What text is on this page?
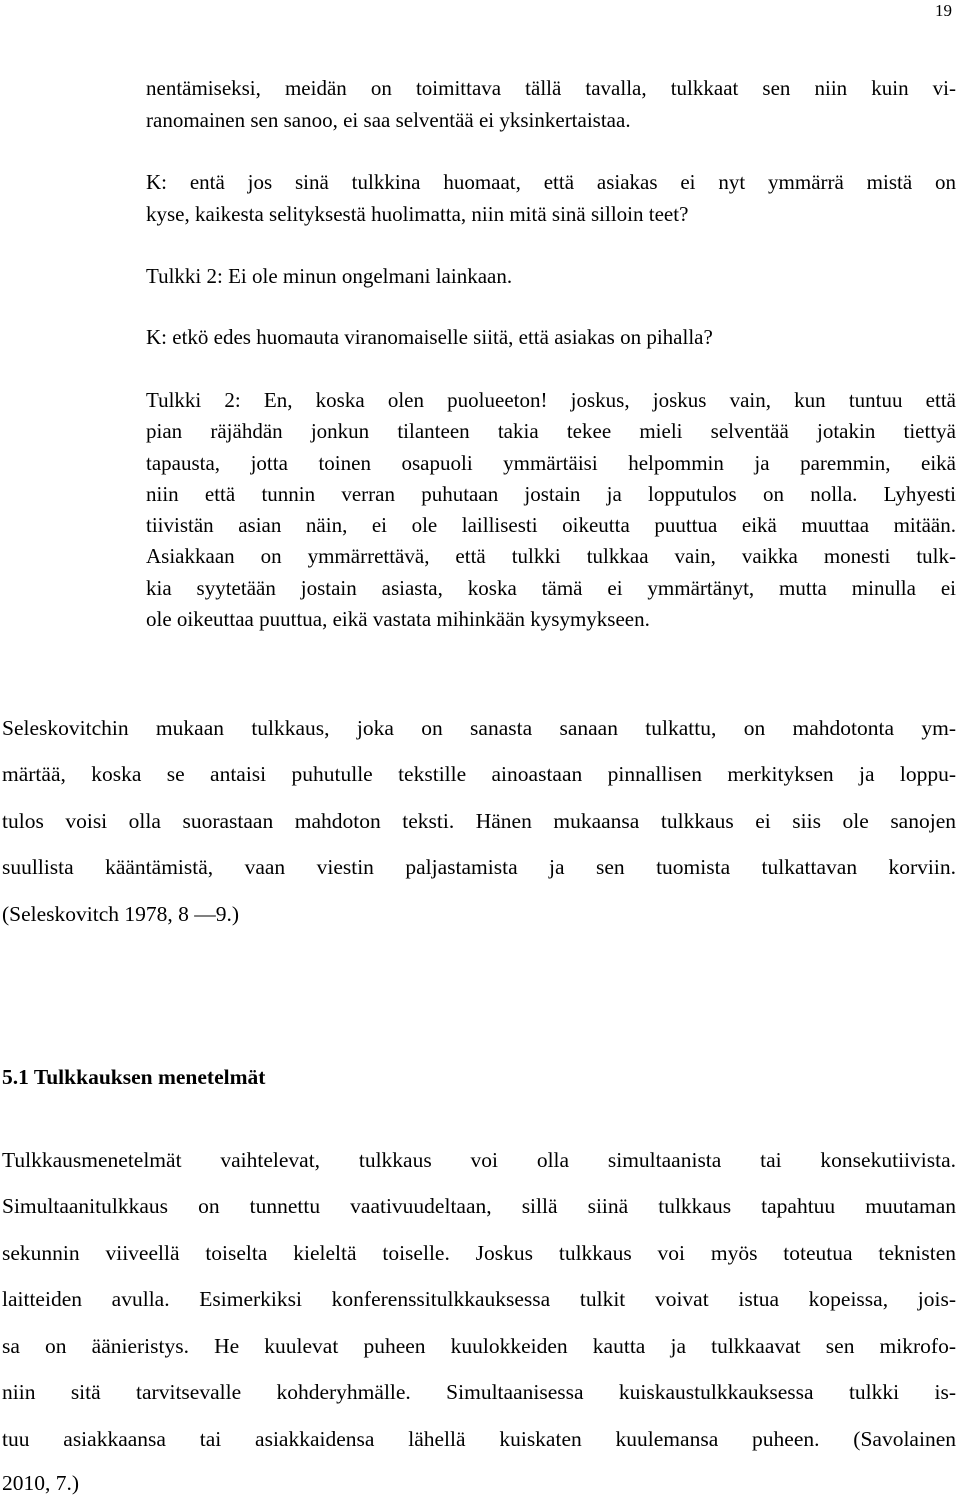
19

nentämiseksi, meidän on toimittava tällä tavalla, tulkkaat sen niin kuin vi-

ranomainen sen sanoo, ei saa selventää ei yksinkertaistaa.

K: entä jos sinä tulkkina huomaat, että asiakas ei nyt ymmärrä mistä on

kyse, kaikesta selityksestä huolimatta, niin mitä sinä silloin teet?

Tulkki 2: Ei ole minun ongelmani lainkaan.

K: etkö edes huomauta viranomaiselle siitä, että asiakas on pihalla?

Tulkki 2: En, koska olen puolueeton! joskus, joskus vain, kun tuntuu että

pian räjähdän jonkun tilanteen takia tekee mieli selventää jotakin tiettyä

tapausta, jotta toinen osapuoli ymmärtäisi helpommin ja paremmin, eikä

niin että tunnin verran puhutaan jostain ja lopputulos on nolla. Lyhyesti

tiivistän asian näin, ei ole laillisesti oikeutta puuttua eikä muuttaa mitään.

Asiakkaan on ymmärrettävä, että tulkki tulkkaa vain, vaikka monesti tulk-

kia syytetään jostain asiasta, koska tämä ei ymmärtänyt, mutta minulla ei

ole oikeuttaa puuttua, eikä vastata mihinkään kysymykseen.

Seleskovitchin mukaan tulkkaus, joka on sanasta sanaan tulkattu, on mahdotonta ym-

märtää, koska se antaisi puhutulle tekstille ainoastaan pinnallisen merkityksen ja loppu-

tulos voisi olla suorastaan mahdoton teksti. Hänen mukaansa tulkkaus ei siis ole sanojen

suullista kääntämistä, vaan viestin paljastamista ja sen tuomista tulkattavan korviin.

(Seleskovitch 1978, 8 —9.)

5.1 Tulkkauksen menetelmät

Tulkkausmenetelmät vaihtelevat, tulkkaus voi olla simultaanista tai konsekutiivista.

Simultaanitulkkaus on tunnettu vaativuudeltaan, sillä siinä tulkkaus tapahtuu muutaman

sekunnin viiveellä toiselta kieleltä toiselle. Joskus tulkkaus voi myös toteutua teknisten

laitteiden avulla. Esimerkiksi konferenssitulkkauksessa tulkit voivat istua kopeissa, jois-

sa on äänieristys. He kuulevat puheen kuulokkeiden kautta ja tulkkaavat sen mikrofo-

niin sitä tarvitsevalle kohderyhmälle. Simultaanisessa kuiskaustulkkauksessa tulkki is-

tuu asiakkaansa tai asiakkaidensa lähellä kuiskaten kuulemansa puheen. (Savolainen

2010, 7.)
